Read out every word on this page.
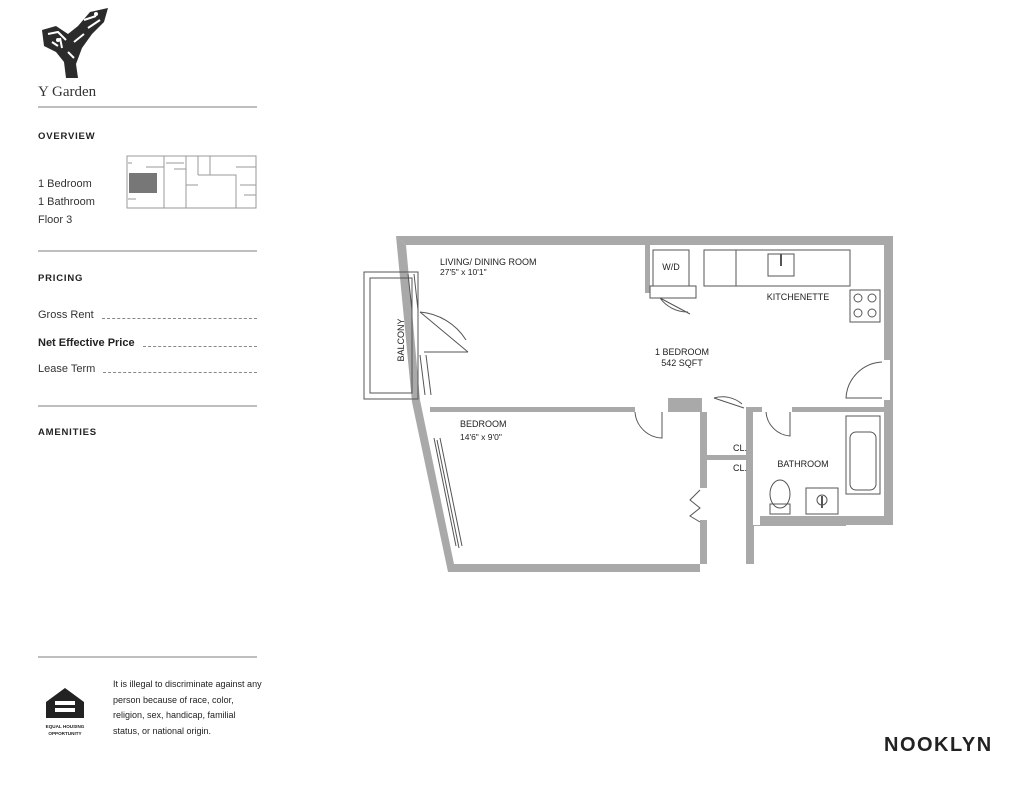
Y Garden
OVERVIEW
1 Bedroom
1 Bathroom
Floor 3
PRICING
Gross Rent
Net Effective Price
Lease Term
AMENITIES
EQUAL HOUSING
OPPORTUNITY
It is illegal to discriminate against any person because of race, color, religion, sex, handicap, familial status, or national origin.
NOOKLYN
LIVING/ DINING ROOM
27'5" x 10'1"	W/D
KITCHENETTE
1 BEDROOM
542 SQFT
BALCONY
BEDROOM
14'6" x 9'0"
CL.
CL.	BATHROOM
